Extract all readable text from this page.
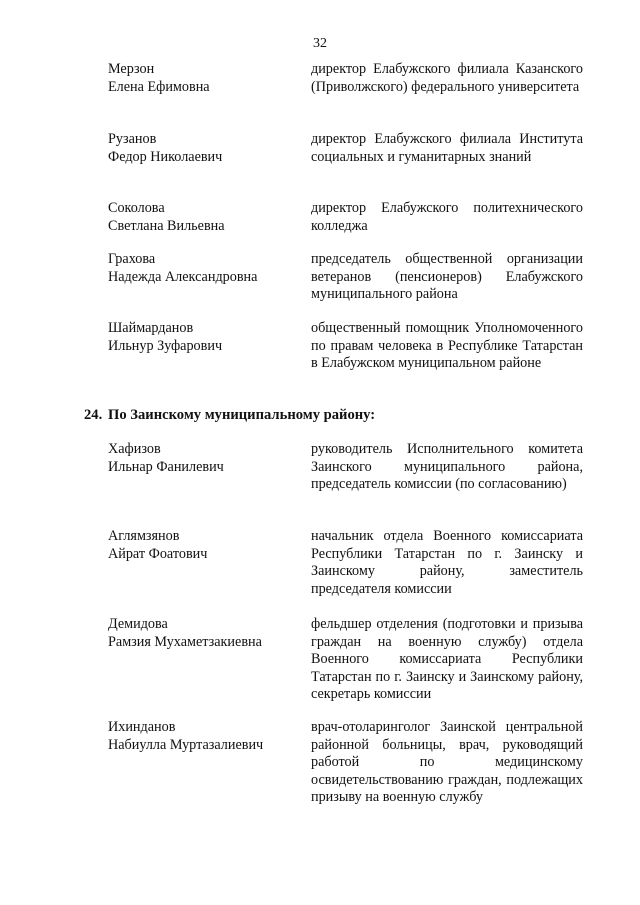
32
Мерзон
Елена Ефимовна
директор Елабужского филиала Казанского (Приволжского) федерального университета
Рузанов
Федор Николаевич
директор Елабужского филиала Института социальных и гуманитарных знаний
Соколова
Светлана Вильевна
директор Елабужского политехнического колледжа
Грахова
Надежда Александровна
председатель общественной организации ветеранов (пенсионеров) Елабужского муниципального района
Шаймарданов
Ильнур Зуфарович
общественный помощник Уполномоченного по правам человека в Республике Татарстан в Елабужском муниципальном районе
24. По Заинскому муниципальному району:
Хафизов
Ильнар Фанилевич
руководитель Исполнительного комитета Заинского муниципального района, председатель комиссии (по согласованию)
Аглямзянов
Айрат Фоатович
начальник отдела Военного комиссариата Республики Татарстан по г. Заинску и Заинскому району, заместитель председателя комиссии
Демидова
Рамзия Мухаметзакиевна
фельдшер отделения (подготовки и призыва граждан на военную службу) отдела Военного комиссариата Республики Татарстан по г. Заинску и Заинскому району, секретарь комиссии
Ихинданов
Набиулла Муртазалиевич
врач-отоларинголог Заинской центральной районной больницы, врач, руководящий работой по медицинскому освидетельствованию граждан, подлежащих призыву на военную службу
